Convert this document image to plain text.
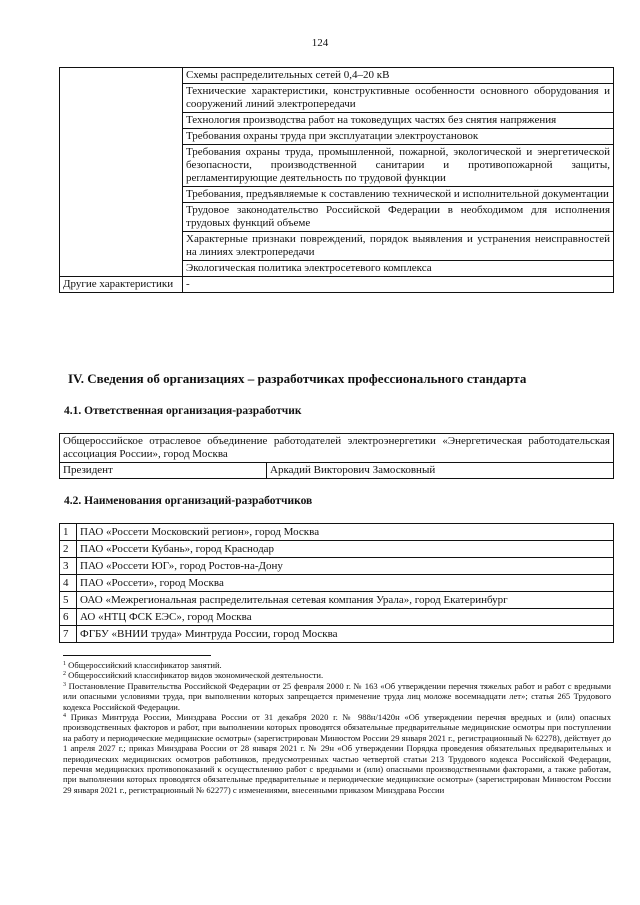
124
	Схемы распределительных сетей 0,4–20 кВ
	Технические характеристики, конструктивные особенности основного оборудования и сооружений линий электропередачи
	Технология производства работ на токоведущих частях без снятия напряжения
	Требования охраны труда при эксплуатации электроустановок
	Требования охраны труда, промышленной, пожарной, экологической и энергетической безопасности, производственной санитарии и противопожарной защиты, регламентирующие деятельность по трудовой функции
	Требования, предъявляемые к составлению технической и исполнительной документации
	Трудовое законодательство Российской Федерации в необходимом для исполнения трудовых функций объеме
	Характерные признаки повреждений, порядок выявления и устранения неисправностей на линиях электропередачи
	Экологическая политика электросетевого комплекса
Другие характеристики	-
IV. Сведения об организациях – разработчиках профессионального стандарта
4.1. Ответственная организация-разработчик
Общероссийское отраслевое объединение работодателей электроэнергетики «Энергетическая работодательская ассоциация России», город Москва
Президент	Аркадий Викторович Замосковный
4.2. Наименования организаций-разработчиков
1	ПАО «Россети Московский регион», город Москва
2	ПАО «Россети Кубань», город Краснодар
3	ПАО «Россети ЮГ», город Ростов-на-Дону
4	ПАО «Россети», город Москва
5	ОАО «Межрегиональная распределительная сетевая компания Урала», город Екатеринбург
6	АО «НТЦ ФСК ЕЭС», город Москва
7	ФГБУ «ВНИИ труда» Минтруда России, город Москва

$^1$ Общероссийский классификатор занятий.

$^2$ Общероссийский классификатор видов экономической деятельности.

$^3$ Постановление Правительства Российской Федерации от 25 февраля 2000 г. № 163 «Об утверждении перечня тяжелых работ и работ с вредными или опасными условиями труда, при выполнении которых запрещается применение труда лиц моложе восемнадцати лет»; статья 265 Трудового кодекса Российской Федерации.

$^4$ Приказ Минтруда России, Минздрава России от 31 декабря 2020 г. № 988н/1420н «Об утверждении перечня вредных и (или) опасных производственных факторов и работ, при выполнении которых проводятся обязательные предварительные медицинские осмотры при поступлении на работу и периодические медицинские осмотры» (зарегистрирован Минюстом России 29 января 2021 г., регистрационный № 62278), действует до 1 апреля 2027 г.; приказ Минздрава России от 28 января 2021 г. № 29н «Об утверждении Порядка проведения обязательных предварительных и периодических медицинских осмотров работников, предусмотренных частью четвертой статьи 213 Трудового кодекса Российской Федерации, перечня медицинских противопоказаний к осуществлению работ с вредными и (или) опасными производственными факторами, а также работам, при выполнении которых проводятся обязательные предварительные и периодические медицинские осмотры» (зарегистрирован Минюстом России 29 января 2021 г., регистрационный № 62277) с изменениями, внесенными приказом Минздрава России
